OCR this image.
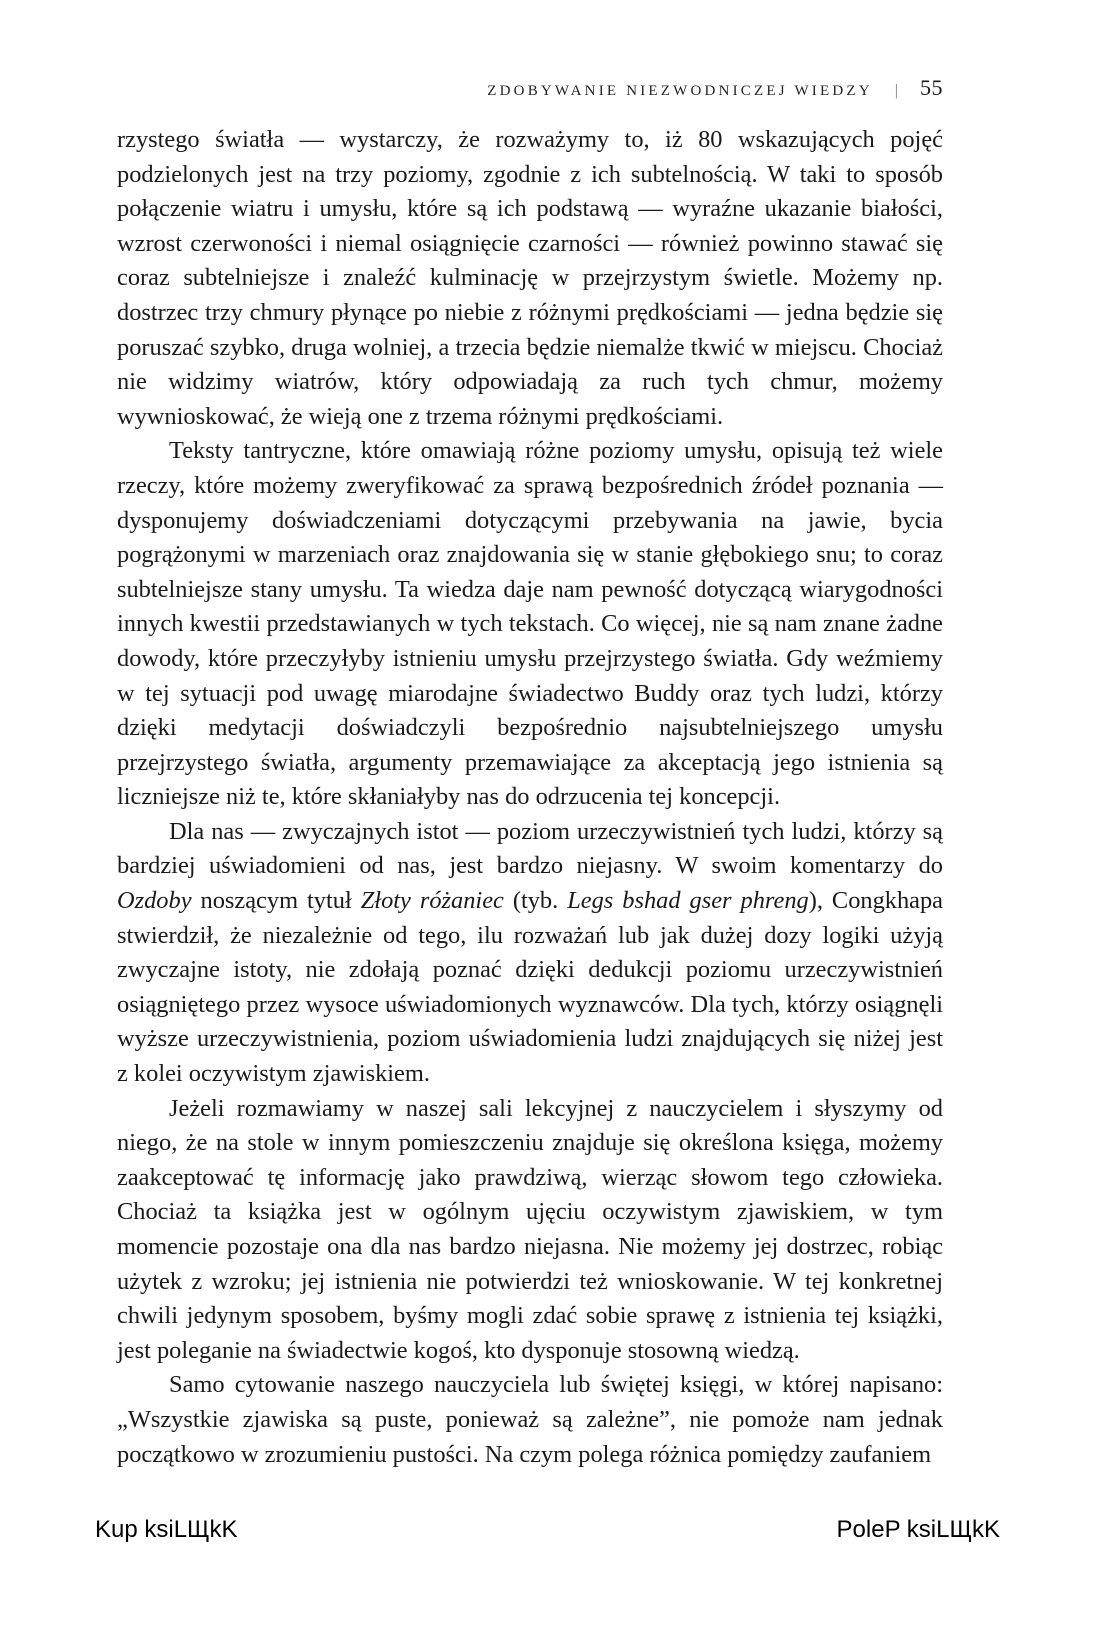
ZDOBYWANIE NIEZWODNICZEJ WIEDZY | 55

rzystego światła — wystarczy, że rozważymy to, iż 80 wskazujących pojęć podzielonych jest na trzy poziomy, zgodnie z ich subtelnością. W taki to sposób połączenie wiatru i umysłu, które są ich podstawą — wyraźne ukazanie białości, wzrost czerwoności i niemal osiągnięcie czarności — również powinno stawać się coraz subtelniejsze i znaleźć kulminację w przejrzystym świetle. Możemy np. dostrzec trzy chmury płynące po niebie z różnymi prędkościami — jedna będzie się poruszać szybko, druga wolniej, a trzecia będzie niemalże tkwić w miejscu. Chociaż nie widzimy wiatrów, który odpowiadają za ruch tych chmur, możemy wywnioskować, że wieją one z trzema różnymi prędkościami.

Teksty tantryczne, które omawiają różne poziomy umysłu, opisują też wiele rzeczy, które możemy zweryfikować za sprawą bezpośrednich źródeł poznania — dysponujemy doświadczeniami dotyczącymi przebywania na jawie, bycia pogrążonymi w marzeniach oraz znajdowania się w stanie głębokiego snu; to coraz subtelniejsze stany umysłu. Ta wiedza daje nam pewność dotyczącą wiarygodności innych kwestii przedstawianych w tych tekstach. Co więcej, nie są nam znane żadne dowody, które przeczyłyby istnieniu umysłu przejrzystego światła. Gdy weźmiemy w tej sytuacji pod uwagę miarodajne świadectwo Buddy oraz tych ludzi, którzy dzięki medytacji doświadczyli bezpośrednio najsubtelniejszego umysłu przejrzystego światła, argumenty przemawiające za akceptacją jego istnienia są liczniejsze niż te, które skłaniałyby nas do odrzucenia tej koncepcji.

Dla nas — zwyczajnych istot — poziom urzeczywistnień tych ludzi, którzy są bardziej uświadomieni od nas, jest bardzo niejasny. W swoim komentarzy do Ozdoby noszącym tytuł Złoty różaniec (tyb. Legs bshad gser phreng), Congkhapa stwierdził, że niezależnie od tego, ilu rozważań lub jak dużej dozy logiki użyją zwyczajne istoty, nie zdołają poznać dzięki dedukcji poziomu urzeczywistnień osiągniętego przez wysoce uświadomionych wyznawców. Dla tych, którzy osiągnęli wyższe urzeczywistnienia, poziom uświadomienia ludzi znajdujących się niżej jest z kolei oczywistym zjawiskiem.

Jeżeli rozmawiamy w naszej sali lekcyjnej z nauczycielem i słyszymy od niego, że na stole w innym pomieszczeniu znajduje się określona księga, możemy zaakceptować tę informację jako prawdziwą, wierząc słowom tego człowieka. Chociaż ta książka jest w ogólnym ujęciu oczywistym zjawiskiem, w tym momencie pozostaje ona dla nas bardzo niejasna. Nie możemy jej dostrzec, robiąc użytek z wzroku; jej istnienia nie potwierdzi też wnioskowanie. W tej konkretnej chwili jedynym sposobem, byśmy mogli zdać sobie sprawę z istnienia tej książki, jest poleganie na świadectwie kogoś, kto dysponuje stosowną wiedzą.

Samo cytowanie naszego nauczyciela lub świętej księgi, w której napisano: „Wszystkie zjawiska są puste, ponieważ są zależne”, nie pomoże nam jednak początkowo w zrozumieniu pustości. Na czym polega różnica pomiędzy zaufaniem

Kup ksiLЩkK	PoleP ksiLЩkK
